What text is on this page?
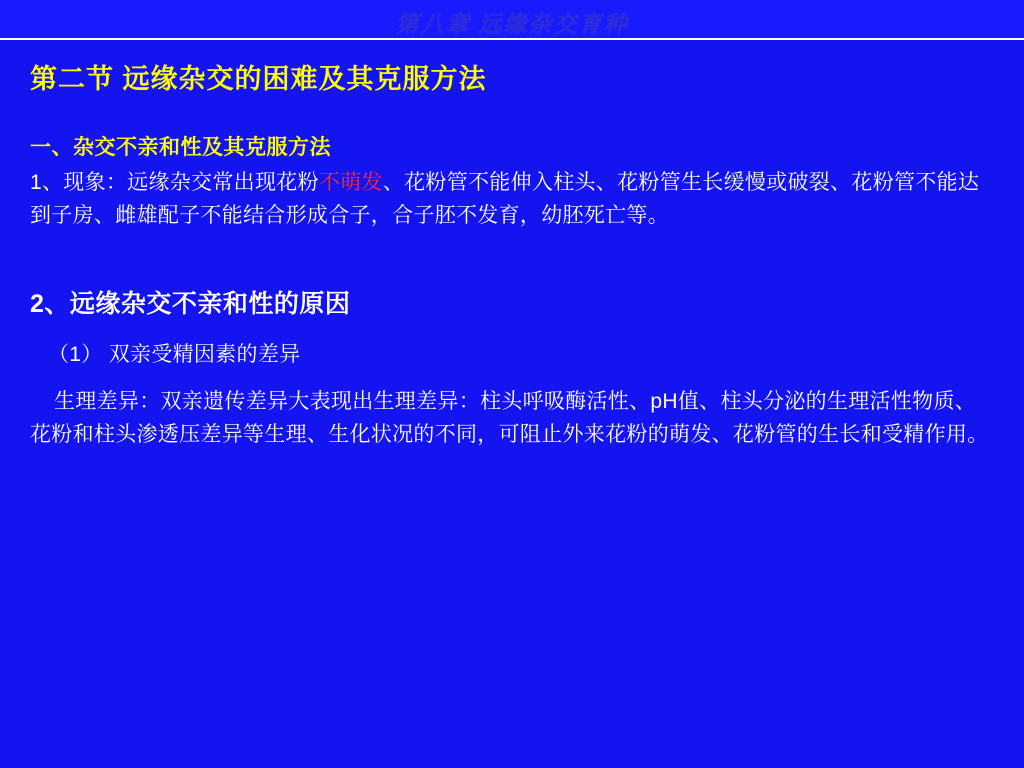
第八章 远缘杂交育种
第二节 远缘杂交的困难及其克服方法
一、杂交不亲和性及其克服方法

1、现象：远缘杂交常出现花粉不萌发、花粉管不能伸入柱头、花粉管生长缓慢或破裂、花粉管不能达到子房、雌雄配子不能结合形成合子，合子胚不发育，幼胚死亡等。

2、远缘杂交不亲和性的原因
（1） 双亲受精因素的差异

生理差异：双亲遗传差异大表现出生理差异：柱头呼吸酶活性、pH值、柱头分泌的生理活性物质、花粉和柱头渗透压差异等生理、生化状况的不同，可阻止外来花粉的萌发、花粉管的生长和受精作用。
